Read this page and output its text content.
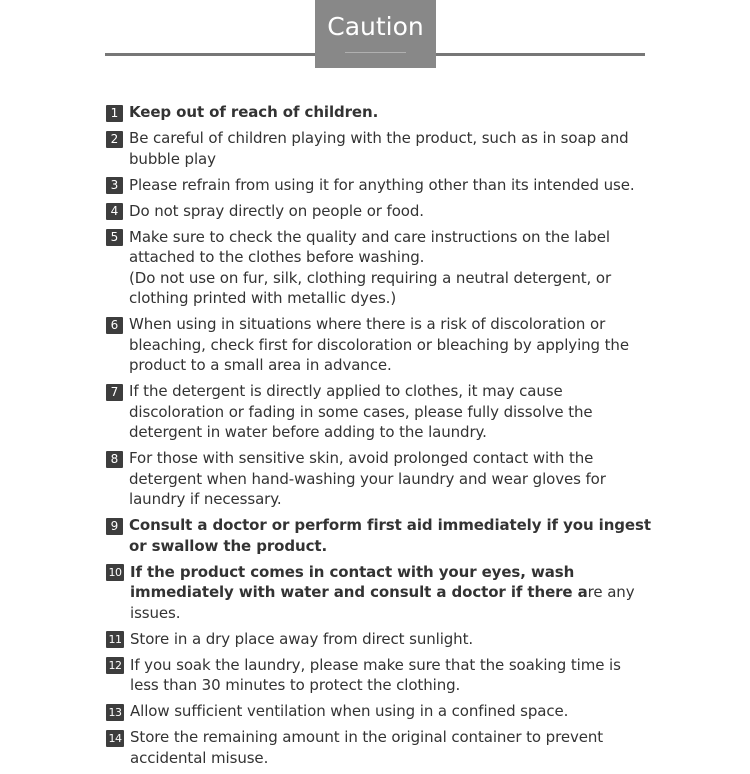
Caution
1 Keep out of reach of children.
2 Be careful of children playing with the product, such as in soap and bubble play
3 Please refrain from using it for anything other than its intended use.
4 Do not spray directly on people or food.
5 Make sure to check the quality and care instructions on the label attached to the clothes before washing.
(Do not use on fur, silk, clothing requiring a neutral detergent, or clothing printed with metallic dyes.)
6 When using in situations where there is a risk of discoloration or bleaching, check first for discoloration or bleaching by applying the product to a small area in advance.
7 If the detergent is directly applied to clothes, it may cause discoloration or fading in some cases, please fully dissolve the detergent in water before adding to the laundry.
8 For those with sensitive skin, avoid prolonged contact with the detergent when hand-washing your laundry and wear gloves for laundry if necessary.
9 Consult a doctor or perform first aid immediately if you ingest or swallow the product.
10 If the product comes in contact with your eyes, wash immediately with water and consult a doctor if there are any issues.
11 Store in a dry place away from direct sunlight.
12 If you soak the laundry, please make sure that the soaking time is less than 30 minutes to protect the clothing.
13 Allow sufficient ventilation when using in a confined space.
14 Store the remaining amount in the original container to prevent accidental misuse.
